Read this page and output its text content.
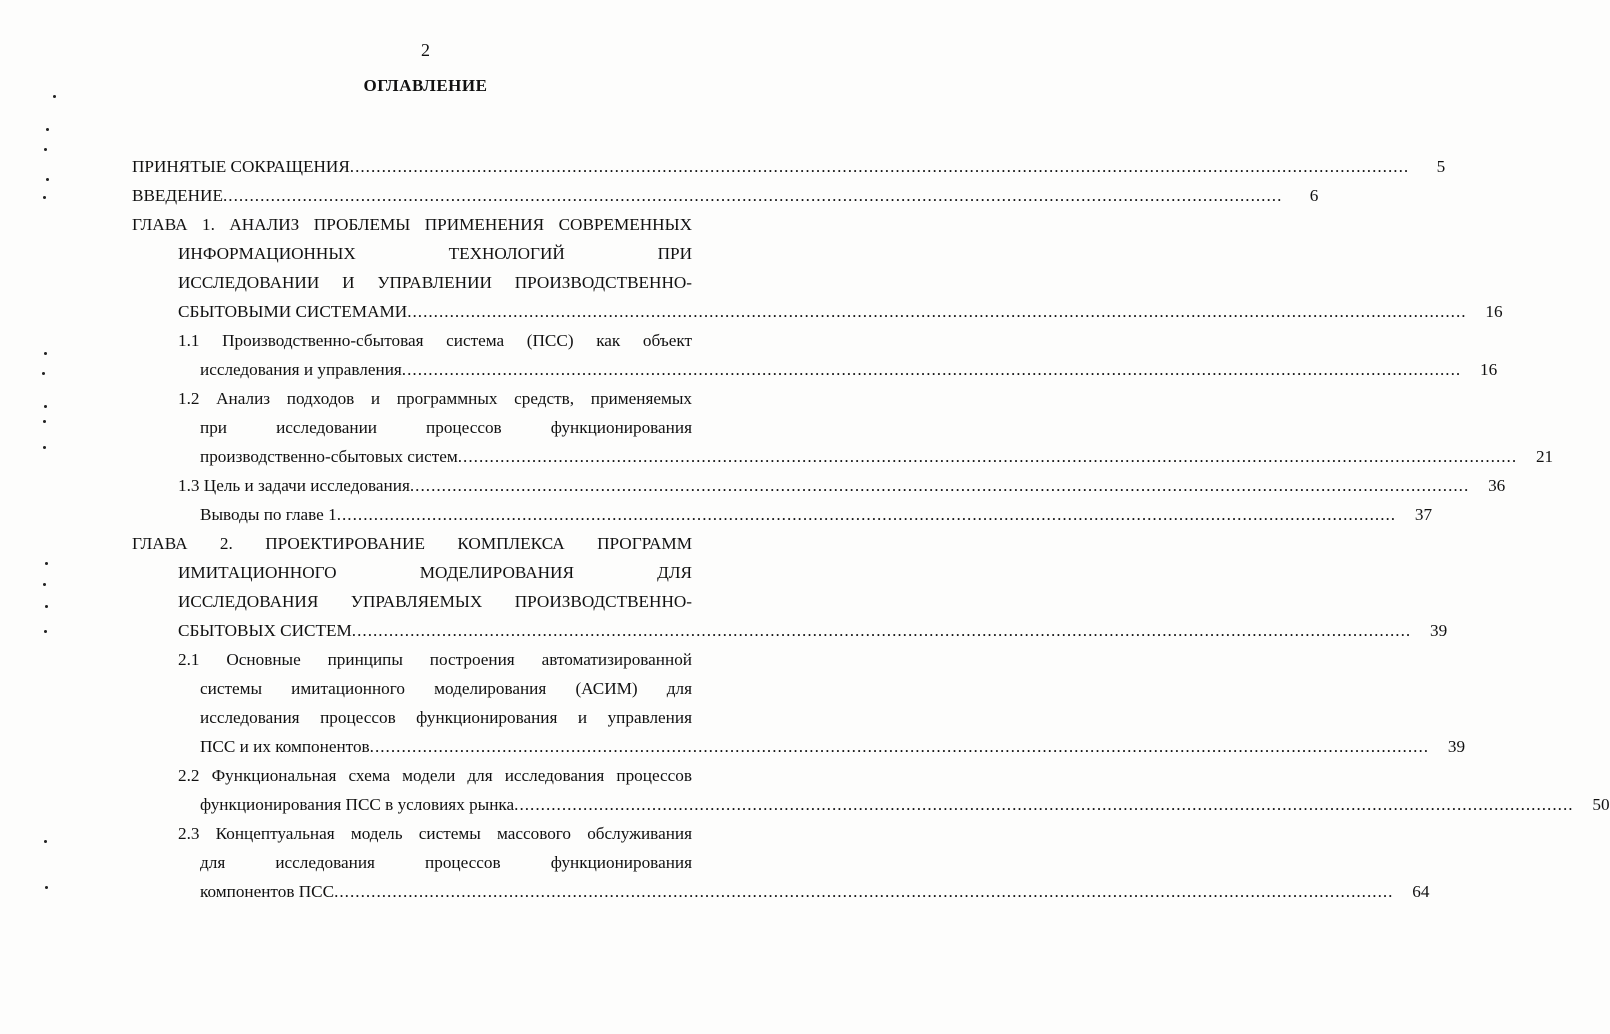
2
ОГЛАВЛЕНИЕ
ПРИНЯТЫЕ СОКРАЩЕНИЯ ........................................................................................................................................................................................................	5
ВВЕДЕНИЕ ........................................................................................................................................................................................................	6
ГЛАВА 1. АНАЛИЗ ПРОБЛЕМЫ ПРИМЕНЕНИЯ СОВРЕМЕННЫХ
ИНФОРМАЦИОННЫХ ТЕХНОЛОГИЙ ПРИ
ИССЛЕДОВАНИИ И УПРАВЛЕНИИ ПРОИЗВОДСТВЕННО-
СБЫТОВЫМИ СИСТЕМАМИ ........................................................................................................................................................................................................	16
1.1 Производственно-сбытовая система (ПСС) как объект
исследования и управления ........................................................................................................................................................................................................	16
1.2 Анализ подходов и программных средств, применяемых
при исследовании процессов функционирования
производственно-сбытовых систем ........................................................................................................................................................................................................	21
1.3 Цель и задачи исследования ........................................................................................................................................................................................................	36
Выводы по главе 1 ........................................................................................................................................................................................................	37
ГЛАВА 2. ПРОЕКТИРОВАНИЕ КОМПЛЕКСА ПРОГРАММ
ИМИТАЦИОННОГО МОДЕЛИРОВАНИЯ ДЛЯ
ИССЛЕДОВАНИЯ УПРАВЛЯЕМЫХ ПРОИЗВОДСТВЕННО-
СБЫТОВЫХ СИСТЕМ ........................................................................................................................................................................................................	39
2.1 Основные принципы построения автоматизированной
системы имитационного моделирования (АСИМ) для
исследования процессов функционирования и управления
ПСС и их компонентов ........................................................................................................................................................................................................	39
2.2 Функциональная схема модели для исследования процессов
функционирования ПСС в условиях рынка ........................................................................................................................................................................................................	50
2.3 Концептуальная модель системы массового обслуживания
для исследования процессов функционирования
компонентов ПСС ........................................................................................................................................................................................................	64
